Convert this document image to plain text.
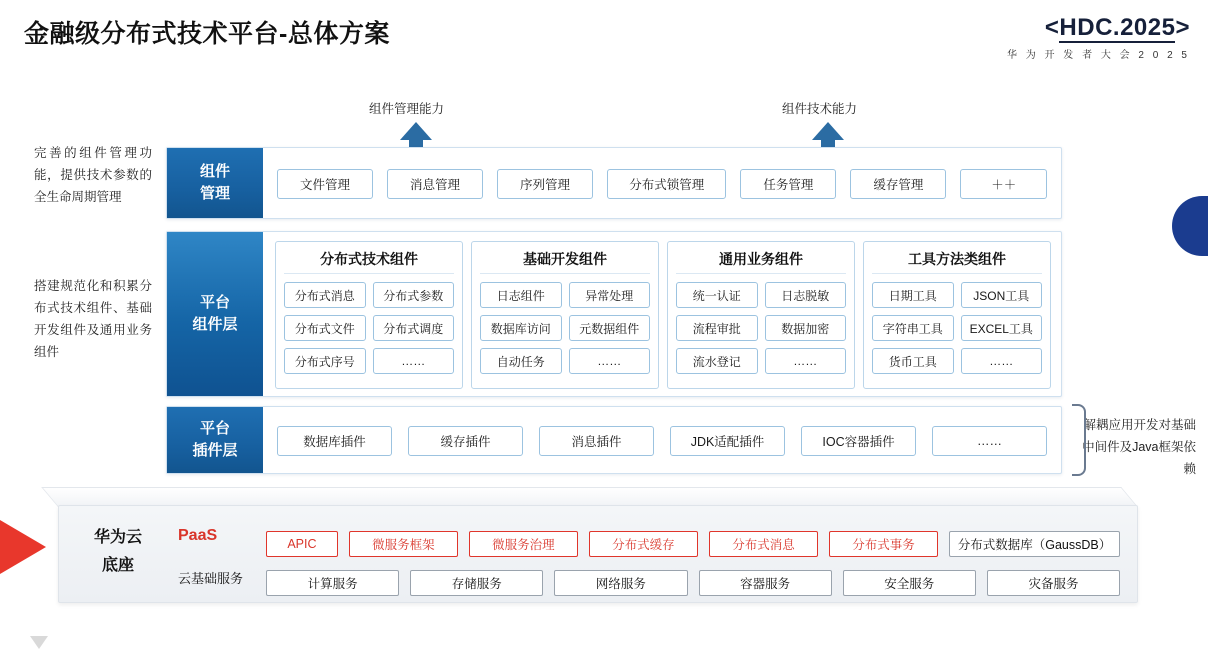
金融级分布式技术平台-总体方案	<HDC.2025>
华 为 开 发 者 大 会 2 0 2 5
组件管理能力	组件技术能力
完善的组件管理功能，提供技术参数的全生命周期管理
搭建规范化和积累分布式技术组件、基础开发组件及通用业务组件
解耦应用开发对基础中间件及Java框架依赖
组件
管理	文件管理	消息管理	序列管理	分布式锁管理	任务管理	缓存管理	＋＋
平台
组件层
分布式技术组件
分布式消息	分布式参数
分布式文件	分布式调度
分布式序号	……
基础开发组件
日志组件	异常处理
数据库访问	元数据组件
自动任务	……
通用业务组件
统一认证	日志脱敏
流程审批	数据加密
流水登记	……
工具方法类组件
日期工具	JSON工具
字符串工具	EXCEL工具
货币工具	……
平台
插件层	数据库插件	缓存插件	消息插件	JDK适配插件	IOC容器插件	……
华为云
底座
PaaS
云基础服务
APIC	微服务框架	微服务治理	分布式缓存	分布式消息	分布式事务	分布式数据库（GaussDB）
计算服务	存储服务	网络服务	容器服务	安全服务	灾备服务
